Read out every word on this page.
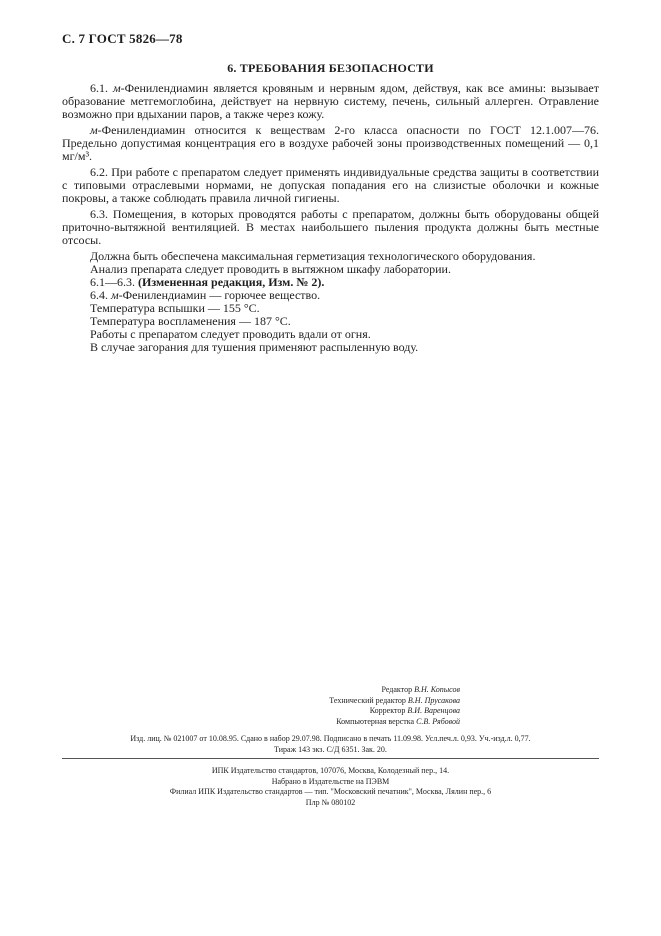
С. 7 ГОСТ 5826—78
6. ТРЕБОВАНИЯ БЕЗОПАСНОСТИ

6.1. м-Фенилендиамин является кровяным и нервным ядом, действуя, как все амины: вызывает образование метгемоглобина, действует на нервную систему, печень, сильный аллерген. Отравление возможно при вдыхании паров, а также через кожу.

м-Фенилендиамин относится к веществам 2-го класса опасности по ГОСТ 12.1.007—76. Предельно допустимая концентрация его в воздухе рабочей зоны производственных помещений — 0,1 мг/м³.

6.2. При работе с препаратом следует применять индивидуальные средства защиты в соответствии с типовыми отраслевыми нормами, не допуская попадания его на слизистые оболочки и кожные покровы, а также соблюдать правила личной гигиены.

6.3. Помещения, в которых проводятся работы с препаратом, должны быть оборудованы общей приточно-вытяжной вентиляцией. В местах наибольшего пыления продукта должны быть местные отсосы.

Должна быть обеспечена максимальная герметизация технологического оборудования.

Анализ препарата следует проводить в вытяжном шкафу лаборатории.

6.1—6.3. (Измененная редакция, Изм. № 2).

6.4. м-Фенилендиамин — горючее вещество.

Температура вспышки — 155 °С.

Температура воспламенения — 187 °С.

Работы с препаратом следует проводить вдали от огня.

В случае загорания для тушения применяют распыленную воду.

Редактор В.Н. Копысов
Технический редактор В.Н. Прусакова
Корректор В.И. Варенцова
Компьютерная верстка С.В. Рябовой
Изд. лиц. № 021007 от 10.08.95. Сдано в набор 29.07.98. Подписано в печать 11.09.98. Усл.печ.л. 0,93. Уч.-изд.л. 0,77.
Тираж 143 экз. С/Д 6351. Зак. 20.
ИПК Издательство стандартов, 107076, Москва, Колодезный пер., 14.
Набрано в Издательстве на ПЭВМ
Филиал ИПК Издательство стандартов — тип. "Московский печатник", Москва, Лялин пер., 6
Плр № 080102
